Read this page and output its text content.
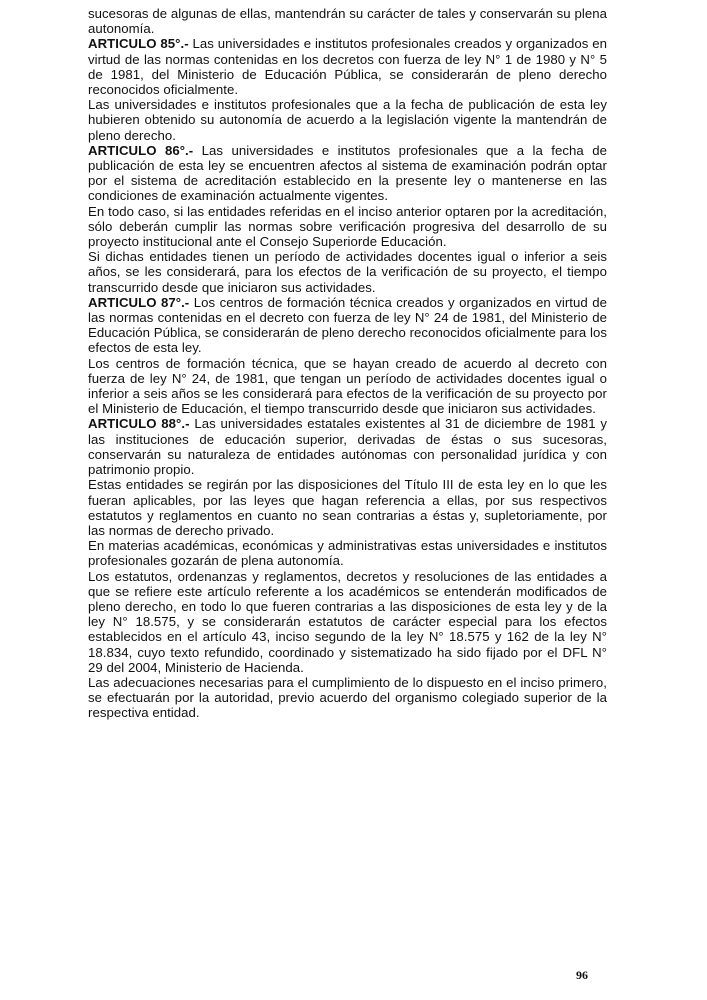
sucesoras de algunas de ellas, mantendrán su carácter de tales y conservarán su plena autonomía.

ARTICULO 85°.- Las universidades e institutos profesionales creados y organizados en virtud de las normas contenidas en los decretos con fuerza de ley N° 1 de 1980 y N° 5 de 1981, del Ministerio de Educación Pública, se considerarán de pleno derecho reconocidos oficialmente.

Las universidades e institutos profesionales que a la fecha de publicación de esta ley hubieren obtenido su autonomía de acuerdo a la legislación vigente la mantendrán de pleno derecho.

ARTICULO 86°.- Las universidades e institutos profesionales que a la fecha de publicación de esta ley se encuentren afectos al sistema de examinación podrán optar por el sistema de acreditación establecido en la presente ley o mantenerse en las condiciones de examinación actualmente vigentes.

En todo caso, si las entidades referidas en el inciso anterior optaren por la acreditación, sólo deberán cumplir las normas sobre verificación progresiva del desarrollo de su proyecto institucional ante el Consejo Superiorde Educación.

Si dichas entidades tienen un período de actividades docentes igual o inferior a seis años, se les considerará, para los efectos de la verificación de su proyecto, el tiempo transcurrido desde que iniciaron sus actividades.

ARTICULO 87°.- Los centros de formación técnica creados y organizados en virtud de las normas contenidas en el decreto con fuerza de ley N° 24 de 1981, del Ministerio de Educación Pública, se considerarán de pleno derecho reconocidos oficialmente para los efectos de esta ley.

Los centros de formación técnica, que se hayan creado de acuerdo al decreto con fuerza de ley N° 24, de 1981, que tengan un período de actividades docentes igual o inferior a seis años se les considerará para efectos de la verificación de su proyecto por el Ministerio de Educación, el tiempo transcurrido desde que iniciaron sus actividades.

ARTICULO 88°.- Las universidades estatales existentes al 31 de diciembre de 1981 y las instituciones de educación superior, derivadas de éstas o sus sucesoras, conservarán su naturaleza de entidades autónomas con personalidad jurídica y con patrimonio propio.

Estas entidades se regirán por las disposiciones del Título III de esta ley en lo que les fueran aplicables, por las leyes que hagan referencia a ellas, por sus respectivos estatutos y reglamentos en cuanto no sean contrarias a éstas y, supletoriamente, por las normas de derecho privado.

En materias académicas, económicas y administrativas estas universidades e institutos profesionales gozarán de plena autonomía.

Los estatutos, ordenanzas y reglamentos, decretos y resoluciones de las entidades a que se refiere este artículo referente a los académicos se entenderán modificados de pleno derecho, en todo lo que fueren contrarias a las disposiciones de esta ley y de la ley N° 18.575, y se considerarán estatutos de carácter especial para los efectos establecidos en el artículo 43, inciso segundo de la ley N° 18.575 y 162 de la ley N° 18.834, cuyo texto refundido, coordinado y sistematizado ha sido fijado por el DFL N° 29 del 2004, Ministerio de Hacienda.

Las adecuaciones necesarias para el cumplimiento de lo dispuesto en el inciso primero, se efectuarán por la autoridad, previo acuerdo del organismo colegiado superior de la respectiva entidad.

96
